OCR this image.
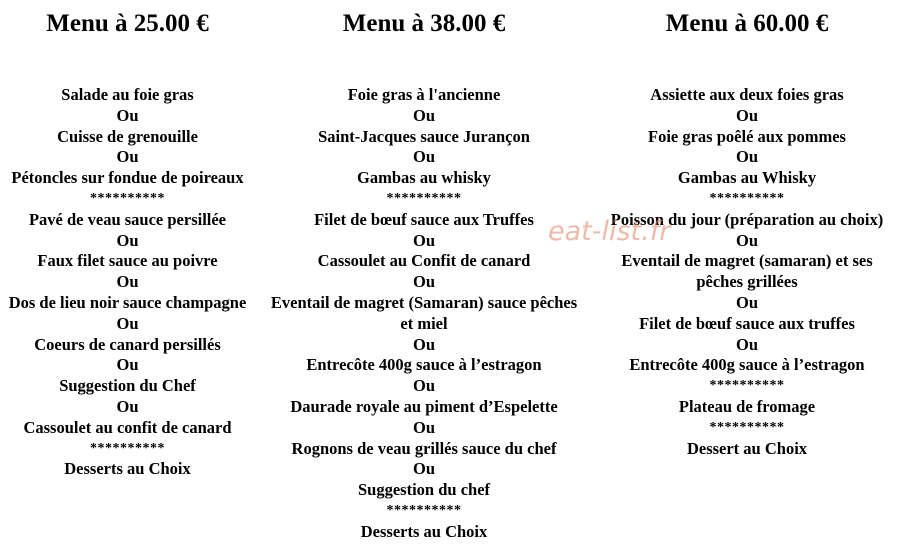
Menu à 25.00 €
Salade au foie gras
Ou
Cuisse de grenouille
Ou
Pétoncles sur fondue de poireaux
**********
Pavé de veau sauce persillée
Ou
Faux filet sauce au poivre
Ou
Dos de lieu noir sauce champagne
Ou
Coeurs de canard persillés
Ou
Suggestion du Chef
Ou
Cassoulet au confit de canard
**********
Desserts au Choix
Menu à 38.00 €
Foie gras à l'ancienne
Ou
Saint-Jacques sauce Jurançon
Ou
Gambas au whisky
**********
Filet de bœuf sauce aux Truffes
Ou
Cassoulet au Confit de canard
Ou
Eventail de magret (Samaran) sauce pêches et miel
Ou
Entrecôte 400g sauce à l’estragon
Ou
Daurade royale au piment d’Espelette
Ou
Rognons de veau grillés sauce du chef
Ou
Suggestion du chef
**********
Desserts au Choix
Menu à 60.00 €
Assiette aux deux foies gras
Ou
Foie gras poêlé aux pommes
Ou
Gambas au Whisky
**********
Poisson du jour (préparation au choix)
Ou
Eventail de magret (samaran) et ses pêches grillées
Ou
Filet de bœuf sauce aux truffes
Ou
Entrecôte 400g sauce à l’estragon
**********
Plateau de fromage
**********
Dessert au Choix
eat-list.fr
